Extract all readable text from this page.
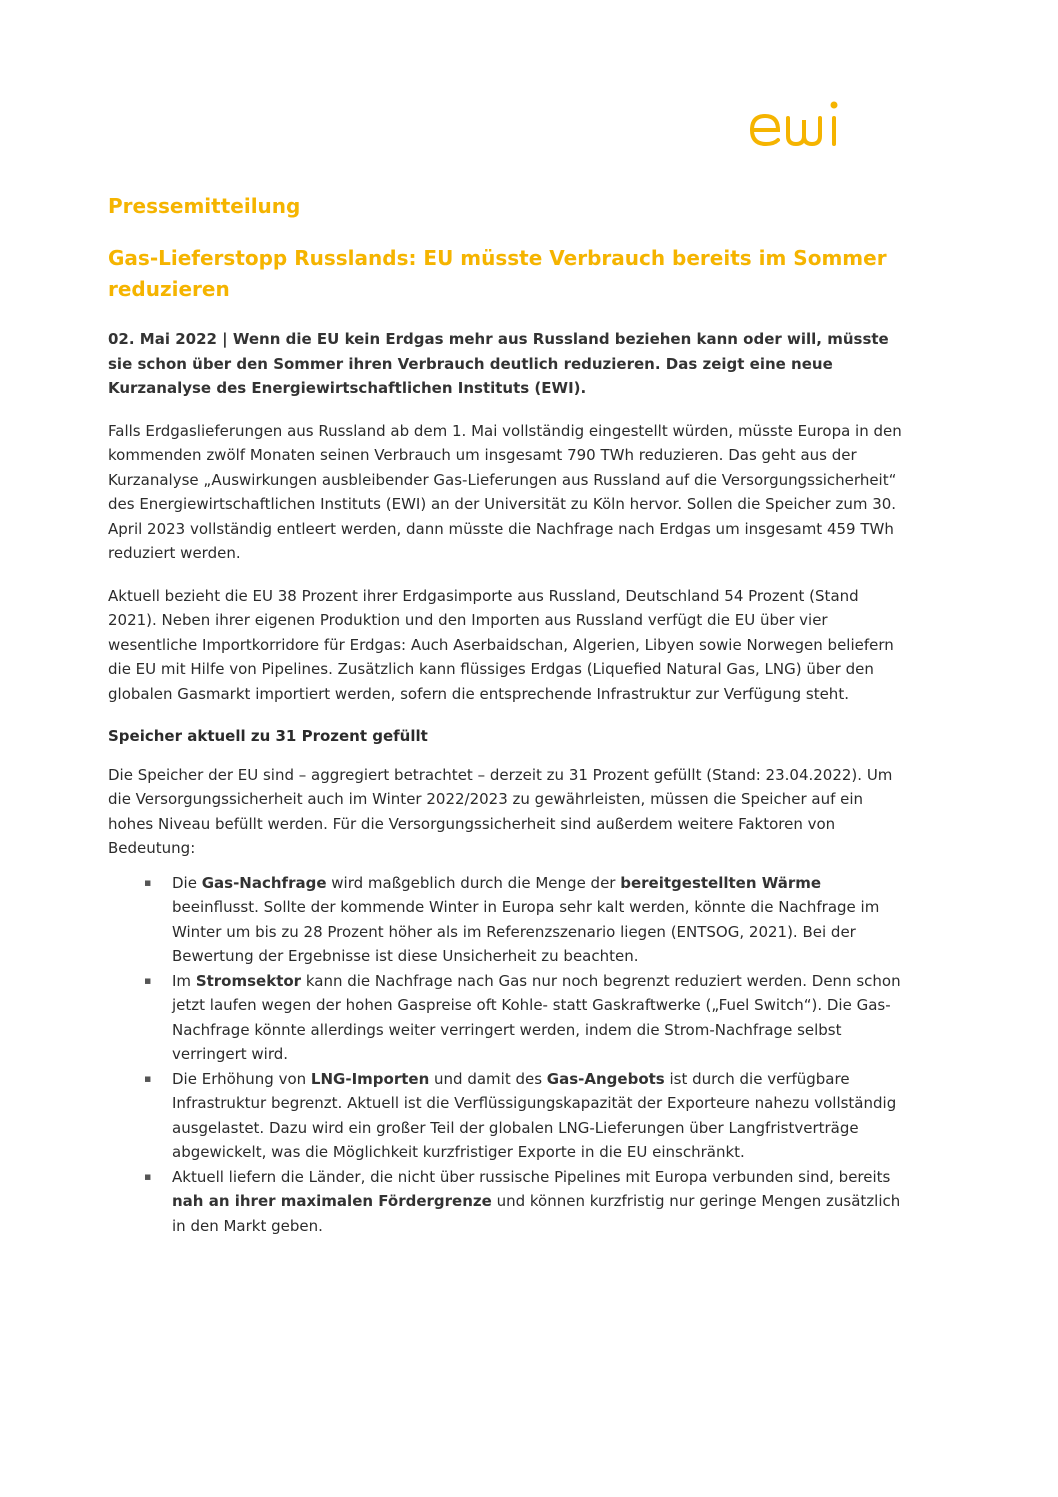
Pressemitteilung
Gas-Lieferstopp Russlands: EU müsste Verbrauch bereits im Sommer reduzieren

02. Mai 2022 | Wenn die EU kein Erdgas mehr aus Russland beziehen kann oder will, müsste sie schon über den Sommer ihren Verbrauch deutlich reduzieren. Das zeigt eine neue Kurzanalyse des Energiewirtschaftlichen Instituts (EWI).

Falls Erdgaslieferungen aus Russland ab dem 1. Mai vollständig eingestellt würden, müsste Europa in den kommenden zwölf Monaten seinen Verbrauch um insgesamt 790 TWh reduzieren. Das geht aus der Kurzanalyse „Auswirkungen ausbleibender Gas-Lieferungen aus Russland auf die Versorgungssicherheit“ des Energiewirtschaftlichen Instituts (EWI) an der Universität zu Köln hervor. Sollen die Speicher zum 30. April 2023 vollständig entleert werden, dann müsste die Nachfrage nach Erdgas um insgesamt 459 TWh reduziert werden.

Aktuell bezieht die EU 38 Prozent ihrer Erdgasimporte aus Russland, Deutschland 54 Prozent (Stand 2021). Neben ihrer eigenen Produktion und den Importen aus Russland verfügt die EU über vier wesentliche Importkorridore für Erdgas: Auch Aserbaidschan, Algerien, Libyen sowie Norwegen beliefern die EU mit Hilfe von Pipelines. Zusätzlich kann flüssiges Erdgas (Liquefied Natural Gas, LNG) über den globalen Gasmarkt importiert werden, sofern die entsprechende Infrastruktur zur Verfügung steht.

Speicher aktuell zu 31 Prozent gefüllt

Die Speicher der EU sind – aggregiert betrachtet – derzeit zu 31 Prozent gefüllt (Stand: 23.04.2022). Um die Versorgungssicherheit auch im Winter 2022/2023 zu gewährleisten, müssen die Speicher auf ein hohes Niveau befüllt werden. Für die Versorgungssicherheit sind außerdem weitere Faktoren von Bedeutung:

▪ Die Gas-Nachfrage wird maßgeblich durch die Menge der bereitgestellten Wärme beeinflusst. Sollte der kommende Winter in Europa sehr kalt werden, könnte die Nachfrage im Winter um bis zu 28 Prozent höher als im Referenzszenario liegen (ENTSOG, 2021). Bei der Bewertung der Ergebnisse ist diese Unsicherheit zu beachten.
▪ Im Stromsektor kann die Nachfrage nach Gas nur noch begrenzt reduziert werden. Denn schon jetzt laufen wegen der hohen Gaspreise oft Kohle- statt Gaskraftwerke („Fuel Switch“). Die Gas-Nachfrage könnte allerdings weiter verringert werden, indem die Strom-Nachfrage selbst verringert wird.
▪ Die Erhöhung von LNG-Importen und damit des Gas-Angebots ist durch die verfügbare Infrastruktur begrenzt. Aktuell ist die Verflüssigungskapazität der Exporteure nahezu vollständig ausgelastet. Dazu wird ein großer Teil der globalen LNG-Lieferungen über Langfristverträge abgewickelt, was die Möglichkeit kurzfristiger Exporte in die EU einschränkt.
▪ Aktuell liefern die Länder, die nicht über russische Pipelines mit Europa verbunden sind, bereits nah an ihrer maximalen Fördergrenze und können kurzfristig nur geringe Mengen zusätzlich in den Markt geben.
